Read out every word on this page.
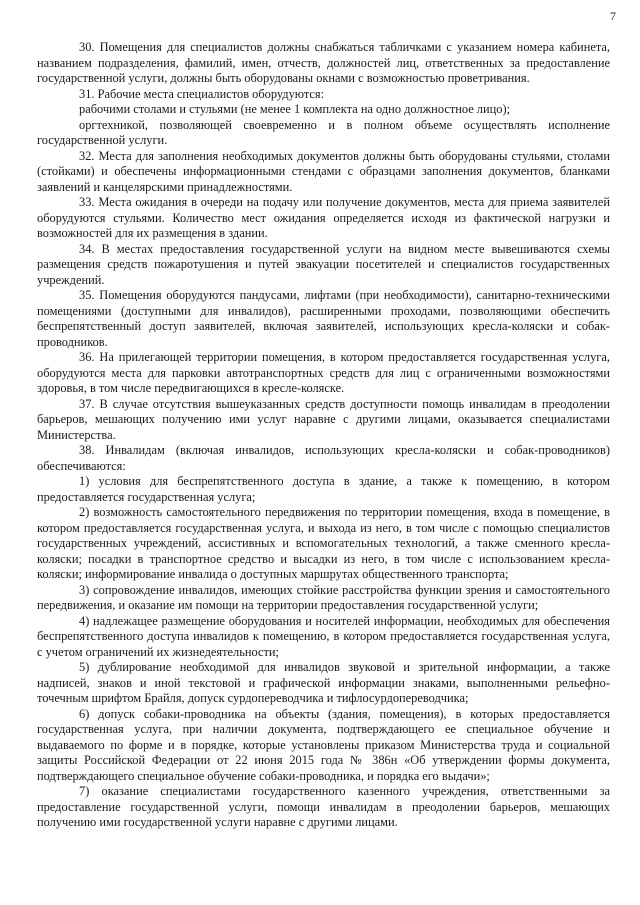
7

30. Помещения для специалистов должны снабжаться табличками с указанием номера кабинета, названием подразделения, фамилий, имен, отчеств, должностей лиц, ответственных за предоставление государственной услуги, должны быть оборудованы окнами с возможностью проветривания.

31. Рабочие места специалистов оборудуются:

рабочими столами и стульями (не менее 1 комплекта на одно должностное лицо);

оргтехникой, позволяющей своевременно и в полном объеме осуществлять исполнение государственной услуги.

32. Места для заполнения необходимых документов должны быть оборудованы стульями, столами (стойками) и обеспечены информационными стендами с образцами заполнения документов, бланками заявлений и канцелярскими принадлежностями.

33. Места ожидания в очереди на подачу или получение документов, места для приема заявителей оборудуются стульями. Количество мест ожидания определяется исходя из фактической нагрузки и возможностей для их размещения в здании.

34. В местах предоставления государственной услуги на видном месте вывешиваются схемы размещения средств пожаротушения и путей эвакуации посетителей и специалистов государственных учреждений.

35. Помещения оборудуются пандусами, лифтами (при необходимости), санитарно-техническими помещениями (доступными для инвалидов), расширенными проходами, позволяющими обеспечить беспрепятственный доступ заявителей, включая заявителей, использующих кресла-коляски и собак-проводников.

36. На прилегающей территории помещения, в котором предоставляется государственная услуга, оборудуются места для парковки автотранспортных средств для лиц с ограниченными возможностями здоровья, в том числе передвигающихся в кресле-коляске.

37. В случае отсутствия вышеуказанных средств доступности помощь инвалидам в преодолении барьеров, мешающих получению ими услуг наравне с другими лицами, оказывается специалистами Министерства.

38. Инвалидам (включая инвалидов, использующих кресла-коляски и собак-проводников) обеспечиваются:

1) условия для беспрепятственного доступа в здание, а также к помещению, в котором предоставляется государственная услуга;

2) возможность самостоятельного передвижения по территории помещения, входа в помещение, в котором предоставляется государственная услуга, и выхода из него, в том числе с помощью специалистов государственных учреждений, ассистивных и вспомогательных технологий, а также сменного кресла-коляски; посадки в транспортное средство и высадки из него, в том числе с использованием кресла-коляски; информирование инвалида о доступных маршрутах общественного транспорта;

3) сопровождение инвалидов, имеющих стойкие расстройства функции зрения и самостоятельного передвижения, и оказание им помощи на территории предоставления государственной услуги;

4) надлежащее размещение оборудования и носителей информации, необходимых для обеспечения беспрепятственного доступа инвалидов к помещению, в котором предоставляется государственная услуга, с учетом ограничений их жизнедеятельности;

5) дублирование необходимой для инвалидов звуковой и зрительной информации, а также надписей, знаков и иной текстовой и графической информации знаками, выполненными рельефно-точечным шрифтом Брайля, допуск сурдопереводчика и тифлосурдопереводчика;

6) допуск собаки-проводника на объекты (здания, помещения), в которых предоставляется государственная услуга, при наличии документа, подтверждающего ее специальное обучение и выдаваемого по форме и в порядке, которые установлены приказом Министерства труда и социальной защиты Российской Федерации от 22 июня 2015 года № 386н «Об утверждении формы документа, подтверждающего специальное обучение собаки-проводника, и порядка его выдачи»;

7) оказание специалистами государственного казенного учреждения, ответственными за предоставление государственной услуги, помощи инвалидам в преодолении барьеров, мешающих получению ими государственной услуги наравне с другими лицами.
